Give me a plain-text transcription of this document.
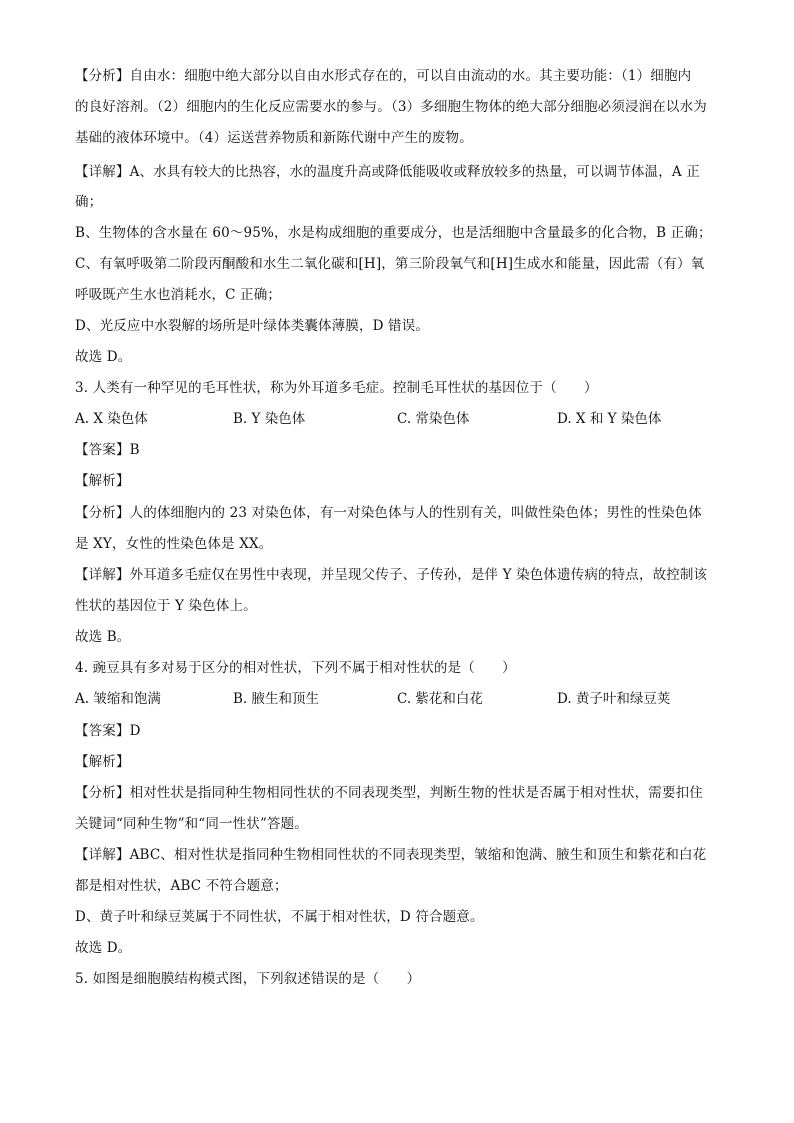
【分析】自由水：细胞中绝大部分以自由水形式存在的，可以自由流动的水。其主要功能：（1）细胞内
的良好溶剂。（2）细胞内的生化反应需要水的参与。（3）多细胞生物体的绝大部分细胞必须浸润在以水为
基础的液体环境中。（4）运送营养物质和新陈代谢中产生的废物。
【详解】A、水具有较大的比热容，水的温度升高或降低能吸收或释放较多的热量，可以调节体温，A 正
确；
B、生物体的含水量在 60～95%，水是构成细胞的重要成分，也是活细胞中含量最多的化合物，B 正确；
C、有氧呼吸第二阶段丙酮酸和水生二氧化碳和[H]，第三阶段氧气和[H]生成水和能量，因此需（有）氧
呼吸既产生水也消耗水，C 正确；
D、光反应中水裂解的场所是叶绿体类囊体薄膜，D 错误。
故选 D。
3. 人类有一种罕见的毛耳性状，称为外耳道多毛症。控制毛耳性状的基因位于（　　）
A. X 染色体	B. Y 染色体	C. 常染色体	D. X 和 Y 染色体
【答案】B
【解析】
【分析】人的体细胞内的 23 对染色体，有一对染色体与人的性别有关，叫做性染色体；男性的性染色体
是 XY，女性的性染色体是 XX。
【详解】外耳道多毛症仅在男性中表现，并呈现父传子、子传孙，是伴 Y 染色体遗传病的特点，故控制该
性状的基因位于 Y 染色体上。
故选 B。
4. 豌豆具有多对易于区分的相对性状，下列不属于相对性状的是（　　）
A. 皱缩和饱满	B. 腋生和顶生	C. 紫花和白花	D. 黄子叶和绿豆荚
【答案】D
【解析】
【分析】相对性状是指同种生物相同性状的不同表现类型，判断生物的性状是否属于相对性状，需要扣住
关键词“同种生物”和“同一性状”答题。
【详解】ABC、相对性状是指同种生物相同性状的不同表现类型，皱缩和饱满、腋生和顶生和紫花和白花
都是相对性状，ABC 不符合题意；
D、黄子叶和绿豆荚属于不同性状，不属于相对性状，D 符合题意。
故选 D。
5. 如图是细胞膜结构模式图，下列叙述错误的是（　　）
